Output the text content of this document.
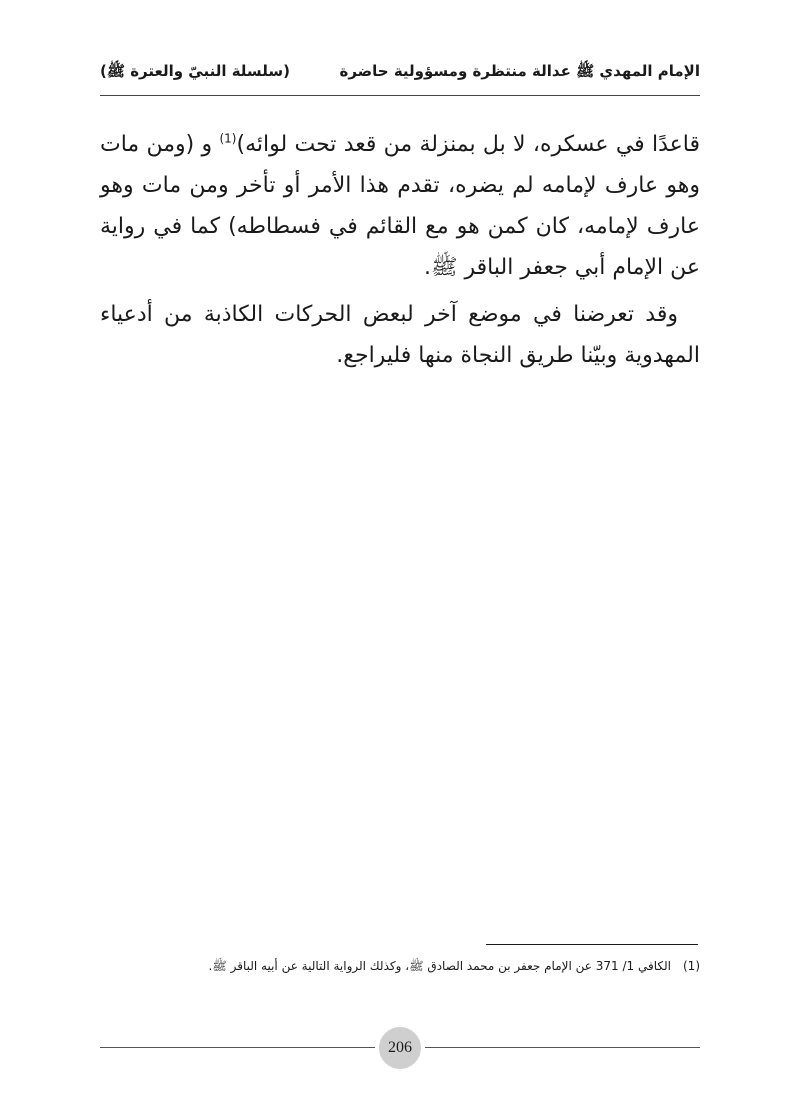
(سلسلة النبيّ والعترة ﷺ)	الإمام المهدي ﷺ عدالة منتظرة ومسؤولية حاضرة

قاعدًا في عسكره، لا بل بمنزلة من قعد تحت لوائه)$^{(1)}$ و (ومن مات وهو عارف لإمامه لم يضره، تقدم هذا الأمر أو تأخر ومن مات وهو عارف لإمامه، كان كمن هو مع القائم في فسطاطه) كما في رواية عن الإمام أبي جعفر الباقر ﷺ.

وقد تعرضنا في موضع آخر لبعض الحركات الكاذبة من أدعياء المهدوية وبيّنا طريق النجاة منها فليراجع.

(1)الكافي 1/ 371 عن الإمام جعفر بن محمد الصادق ﷺ، وكذلك الرواية التالية عن أبيه الباقر ﷺ.
206
